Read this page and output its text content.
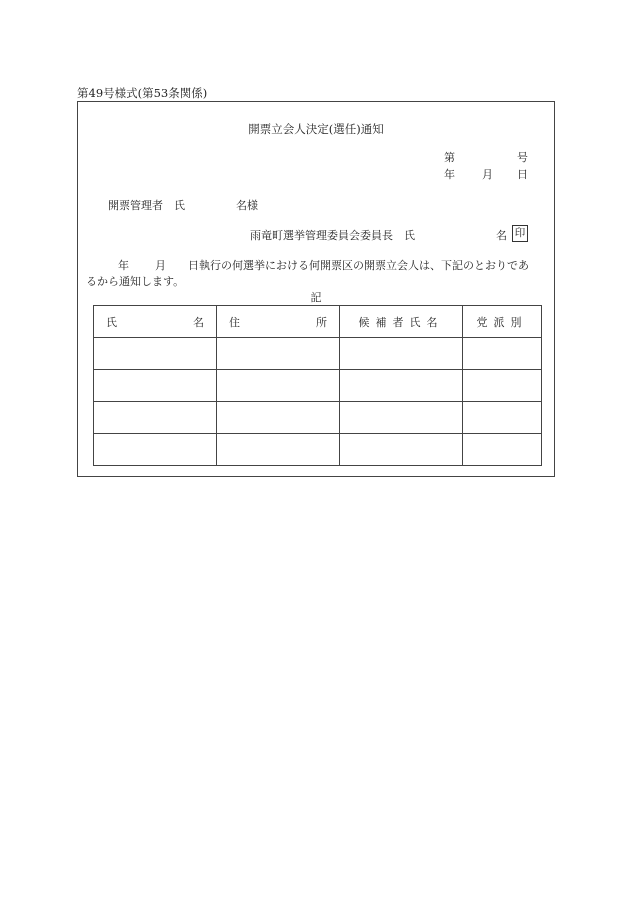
第49号様式(第53条関係)
開票立会人決定(選任)通知
第	号
年 月 日
開票管理者　氏	名様
雨竜町選挙管理委員会委員長　氏	名 印
年 月 日執行の何選挙における何開票区の開票立会人は、下記のとおりであ
るから通知します。
記
氏 名	住 所	候補者氏名	党派別
